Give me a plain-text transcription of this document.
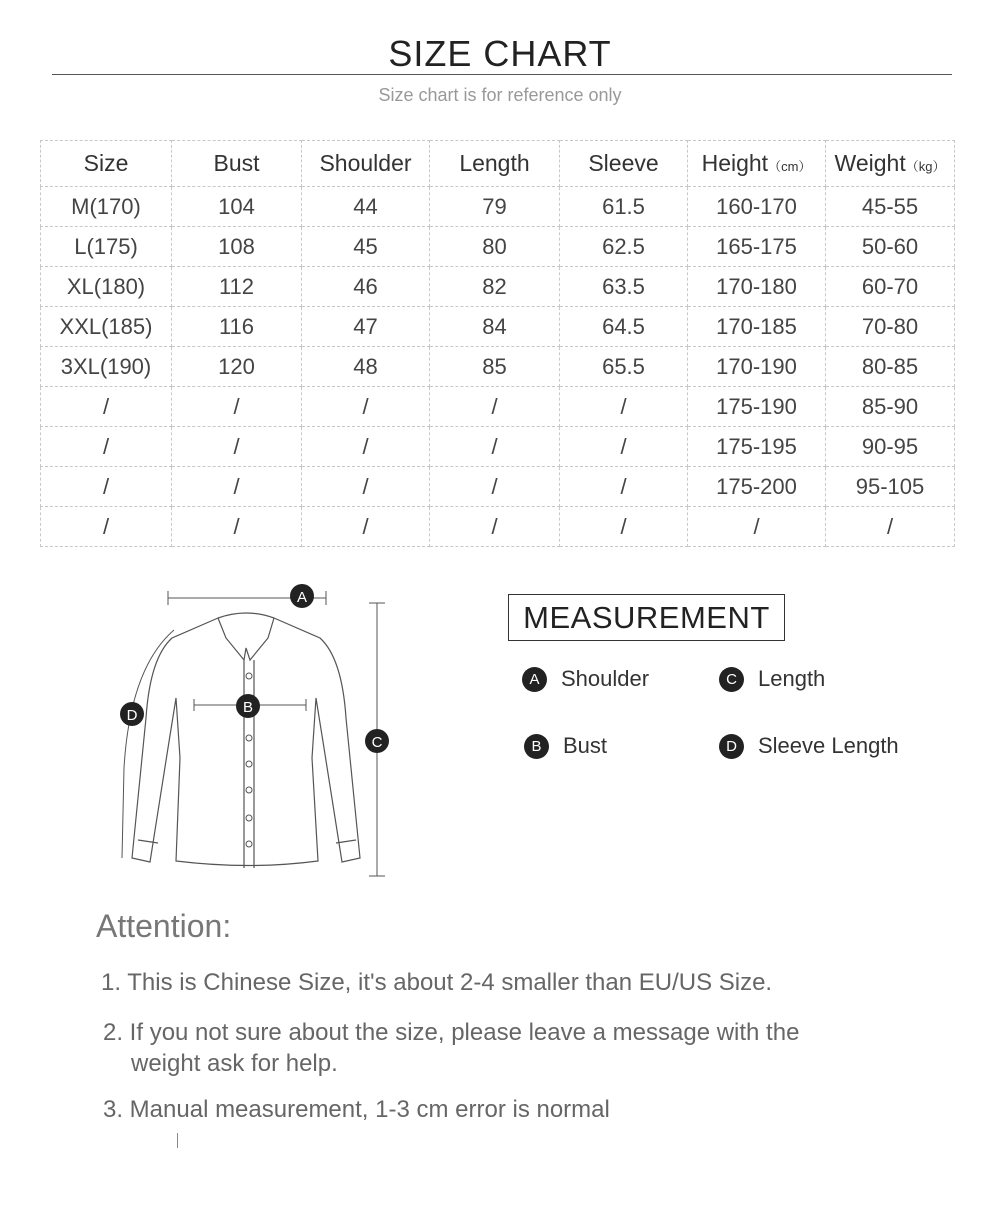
SIZE CHART
Size chart is for reference only
Size	Bust	Shoulder	Length	Sleeve	Height（cm）	Weight（kg）
M(170)	104	44	79	61.5	160-170	45-55
L(175)	108	45	80	62.5	165-175	50-60
XL(180)	112	46	82	63.5	170-180	60-70
XXL(185)	116	47	84	64.5	170-185	70-80
3XL(190)	120	48	85	65.5	170-190	80-85
/	/	/	/	/	175-190	85-90
/	/	/	/	/	175-195	90-95
/	/	/	/	/	175-200	95-105
/	/	/	/	/	/	/
A
B
C
D
MEASUREMENT
A Shoulder	C Length
B Bust	D Sleeve Length
Attention:
1. This is Chinese Size, it's about 2-4 smaller than EU/US Size.
2. If you not sure about the size, please leave a message with the
weight ask for help.
3. Manual measurement, 1-3 cm error is normal
